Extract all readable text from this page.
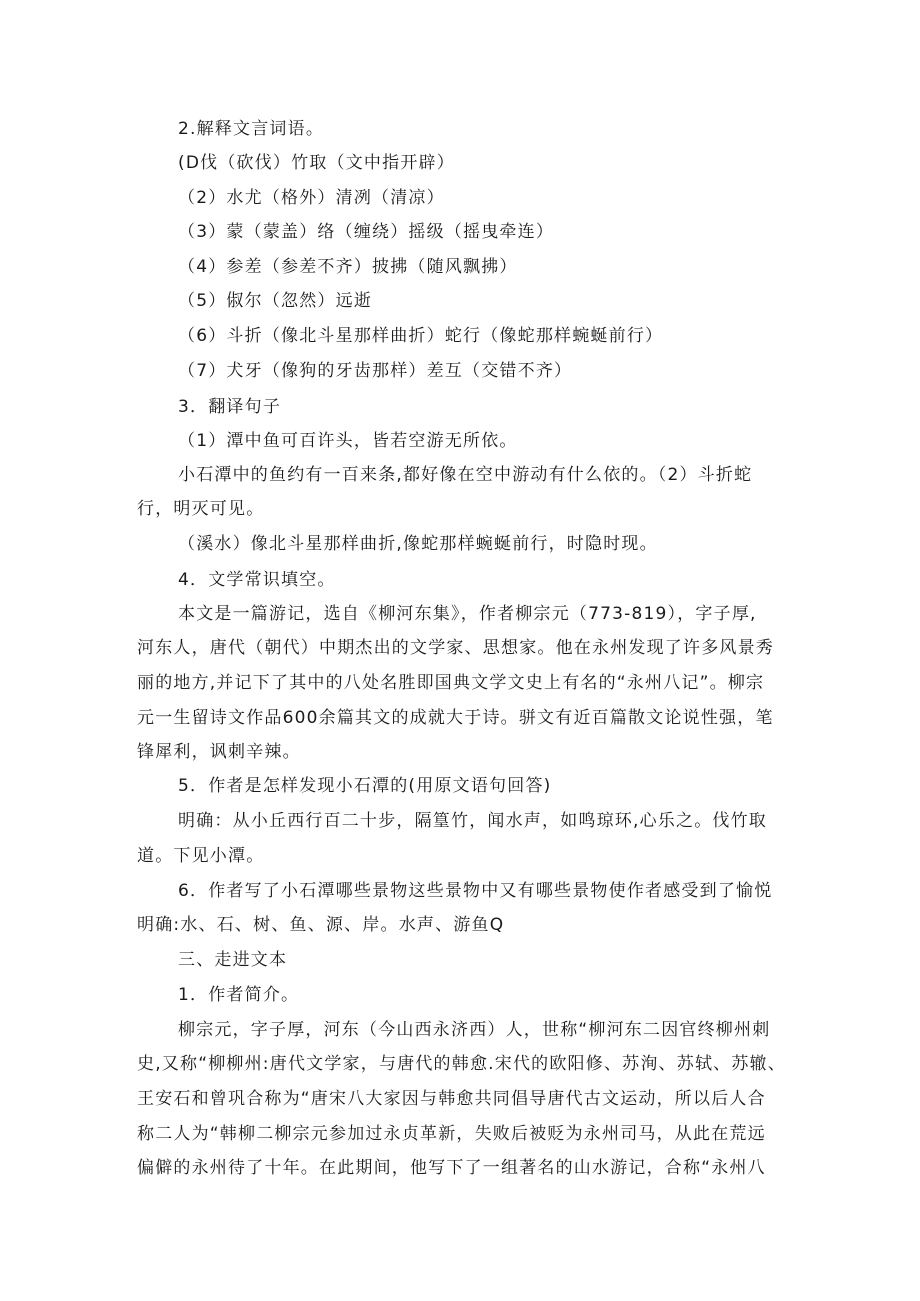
2.解释文言词语。
(D伐（砍伐）竹取（文中指开辟）
（2）水尤（格外）清冽（清凉）
（3）蒙（蒙盖）络（缠绕）摇级（摇曳牵连）
（4）参差（参差不齐）披拂（随风飘拂）
（5）俶尔（忽然）远逝
（6）斗折（像北斗星那样曲折）蛇行（像蛇那样蜿蜒前行）
（7）犬牙（像狗的牙齿那样）差互（交错不齐）
3．翻译句子
（1）潭中鱼可百许头，皆若空游无所依。
小石潭中的鱼约有一百来条,都好像在空中游动有什么依的。（2）斗折蛇
行，明灭可见。
（溪水）像北斗星那样曲折,像蛇那样蜿蜒前行，时隐时现。
4．文学常识填空。
本文是一篇游记，选自《柳河东集》，作者柳宗元（773-819），字子厚,
河东人，唐代（朝代）中期杰出的文学家、思想家。他在永州发现了许多风景秀
丽的地方,并记下了其中的八处名胜即国典文学文史上有名的“永州八记”。柳宗
元一生留诗文作品600余篇其文的成就大于诗。骈文有近百篇散文论说性强，笔
锋犀利，讽刺辛辣。
5．作者是怎样发现小石潭的(用原文语句回答)
明确：从小丘西行百二十步，隔篁竹，闻水声，如鸣琼环,心乐之。伐竹取
道。下见小潭。
6．作者写了小石潭哪些景物这些景物中又有哪些景物使作者感受到了愉悦
明确:水、石、树、鱼、源、岸。水声、游鱼Q
三、走进文本
1．作者简介。
柳宗元，字子厚，河东（今山西永济西）人，世称“柳河东二因官终柳州刺
史,又称“柳柳州:唐代文学家，与唐代的韩愈.宋代的欧阳修、苏洵、苏轼、苏辙、
王安石和曾巩合称为“唐宋八大家因与韩愈共同倡导唐代古文运动，所以后人合
称二人为“韩柳二柳宗元参加过永贞革新，失败后被贬为永州司马，从此在荒远
偏僻的永州待了十年。在此期间，他写下了一组著名的山水游记，合称“永州八
